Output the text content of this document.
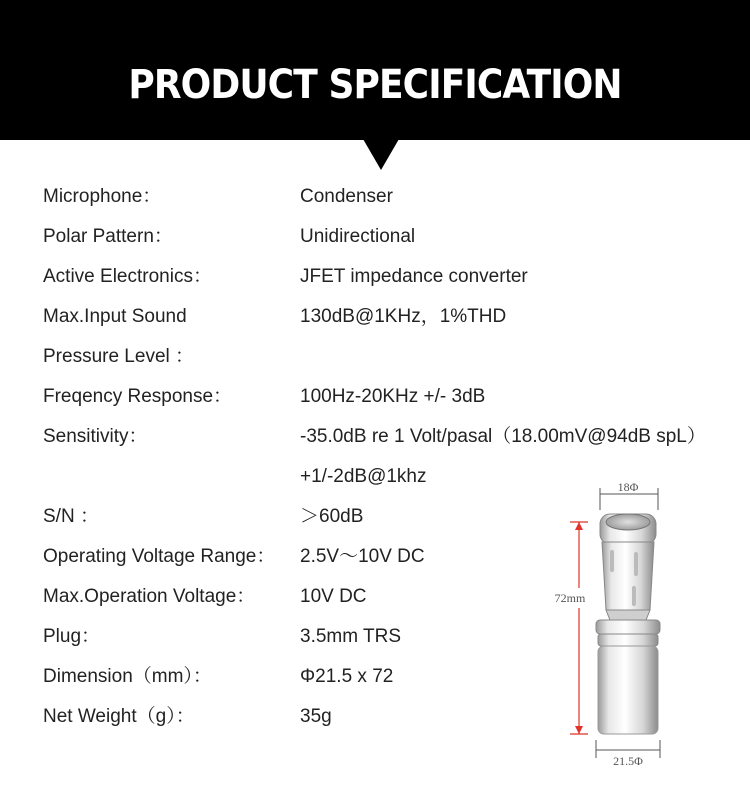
PRODUCT SPECIFICATION
Microphone：	Condenser
Polar Pattern：	Unidirectional
Active Electronics：	JFET impedance converter
Max.Input Sound	130dB@1KHz，1%THD
Pressure Level ：
Freqency Response：	100Hz-20KHz +/- 3dB
Sensitivity：	-35.0dB re 1 Volt/pasal（18.00mV@94dB spL）
+1/-2dB@1khz
S/N ：	＞60dB
Operating Voltage Range： 2.5V～10V DC
Max.Operation Voltage： 10V DC
Plug：	3.5mm TRS
Dimension（mm）：	Φ21.5 x 72
Net Weight（g）：	35g
18Φ
72mm
21.5Φ
